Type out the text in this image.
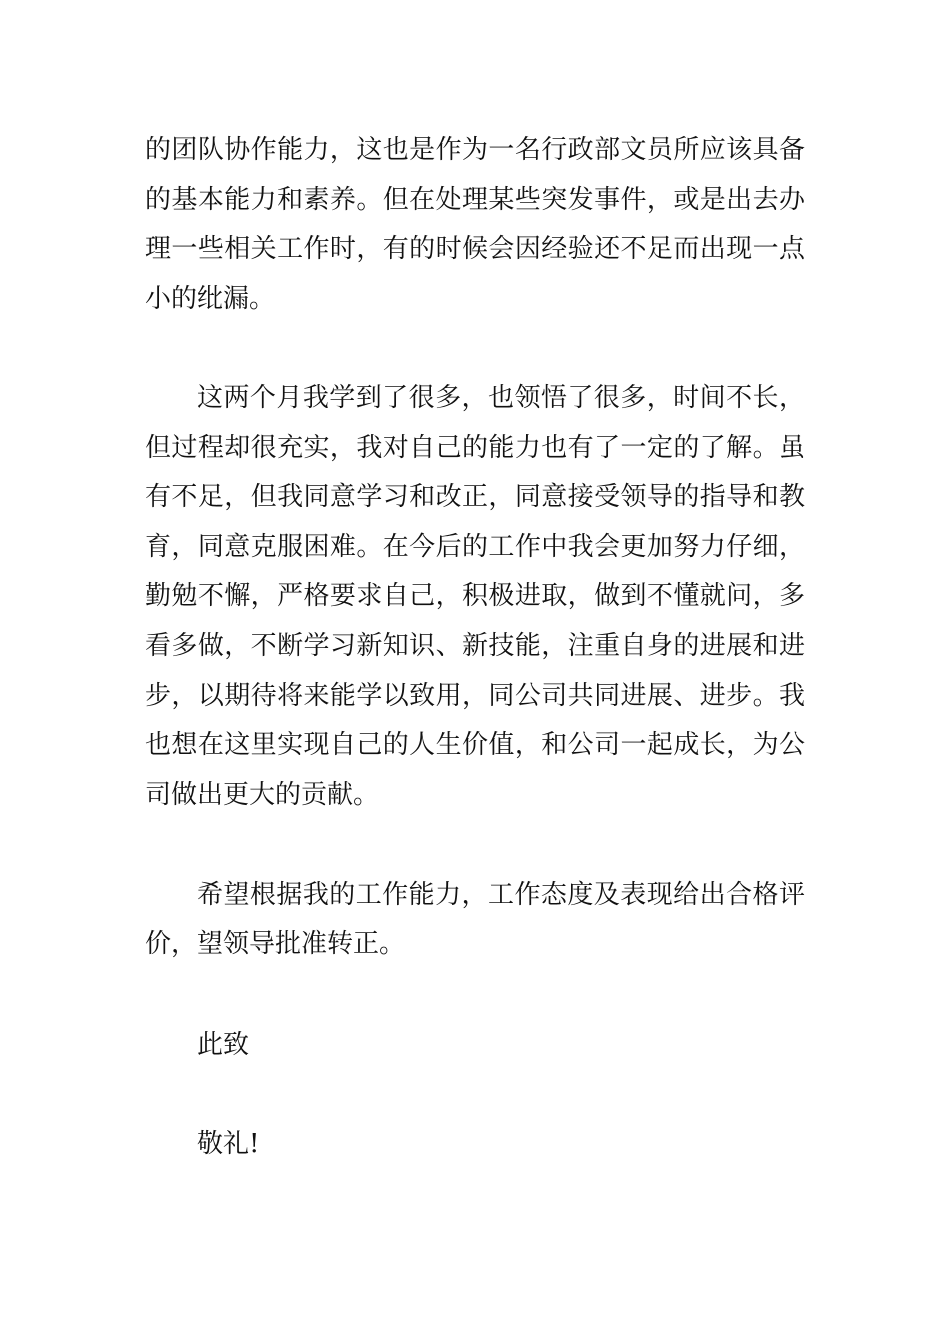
的团队协作能力，这也是作为一名行政部文员所应该具备
的基本能力和素养。但在处理某些突发事件，或是出去办
理一些相关工作时，有的时候会因经验还不足而出现一点
小的纰漏。
这两个月我学到了很多，也领悟了很多，时间不长，
但过程却很充实，我对自己的能力也有了一定的了解。虽
有不足，但我同意学习和改正，同意接受领导的指导和教
育，同意克服困难。在今后的工作中我会更加努力仔细，
勤勉不懈，严格要求自己，积极进取，做到不懂就问，多
看多做，不断学习新知识、新技能，注重自身的进展和进
步，以期待将来能学以致用，同公司共同进展、进步。我
也想在这里实现自己的人生价值，和公司一起成长，为公
司做出更大的贡献。
希望根据我的工作能力，工作态度及表现给出合格评
价，望领导批准转正。
此致
敬礼!
